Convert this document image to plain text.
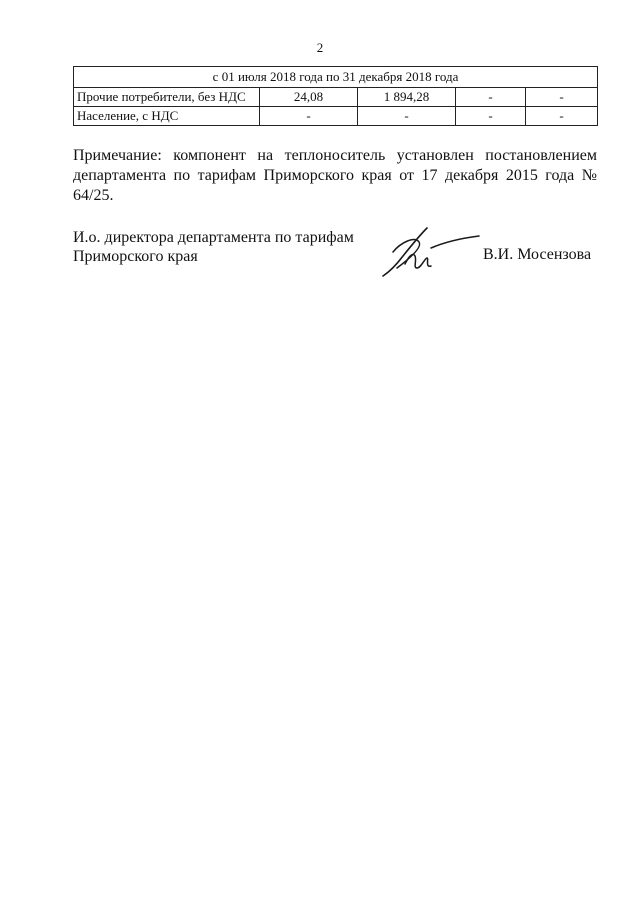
2
с 01 июля 2018 года по 31 декабря 2018 года				
Прочие потребители, без НДС	24,08	1 894,28	-	-
Население, с НДС	-	-	-	-
Примечание: компонент на теплоноситель установлен постановлением
департамента по тарифам Приморского края от 17 декабря 2015 года № 64/25.
И.о. директора департамента по тарифам
Приморского края	В.И. Мосензова
